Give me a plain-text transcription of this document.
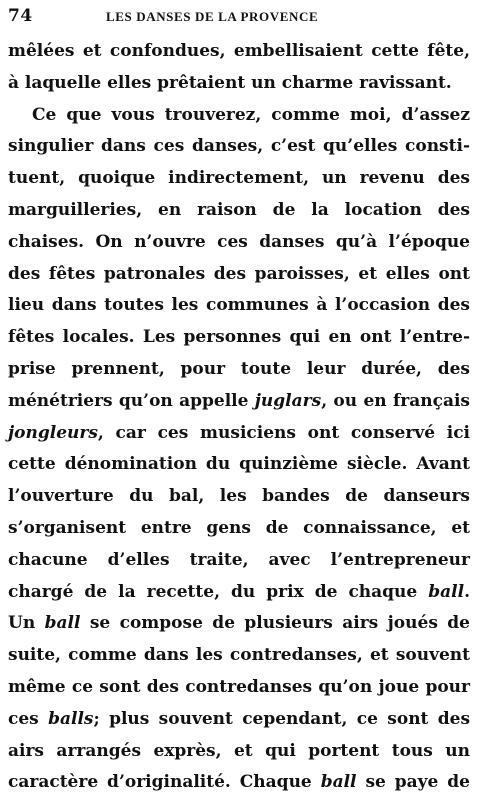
74	LES DANSES DE LA PROVENCE
mêlées et confondues, embellisaient cette fête,
à laquelle elles prêtaient un charme ravissant.
Ce que vous trouverez, comme moi, d’assez
singulier dans ces danses, c’est qu’elles consti-
tuent, quoique indirectement, un revenu des
marguilleries, en raison de la location des
chaises. On n’ouvre ces danses qu’à l’époque
des fêtes patronales des paroisses, et elles ont
lieu dans toutes les communes à l’occasion des
fêtes locales. Les personnes qui en ont l’entre-
prise prennent, pour toute leur durée, des
ménétriers qu’on appelle juglars, ou en français
jongleurs, car ces musiciens ont conservé ici
cette dénomination du quinzième siècle. Avant
l’ouverture du bal, les bandes de danseurs
s’organisent entre gens de connaissance, et
chacune d’elles traite, avec l’entrepreneur
chargé de la recette, du prix de chaque ball.
Un ball se compose de plusieurs airs joués de
suite, comme dans les contredanses, et souvent
même ce sont des contredanses qu’on joue pour
ces balls; plus souvent cependant, ce sont des
airs arrangés exprès, et qui portent tous un
caractère d’originalité. Chaque ball se paye de
